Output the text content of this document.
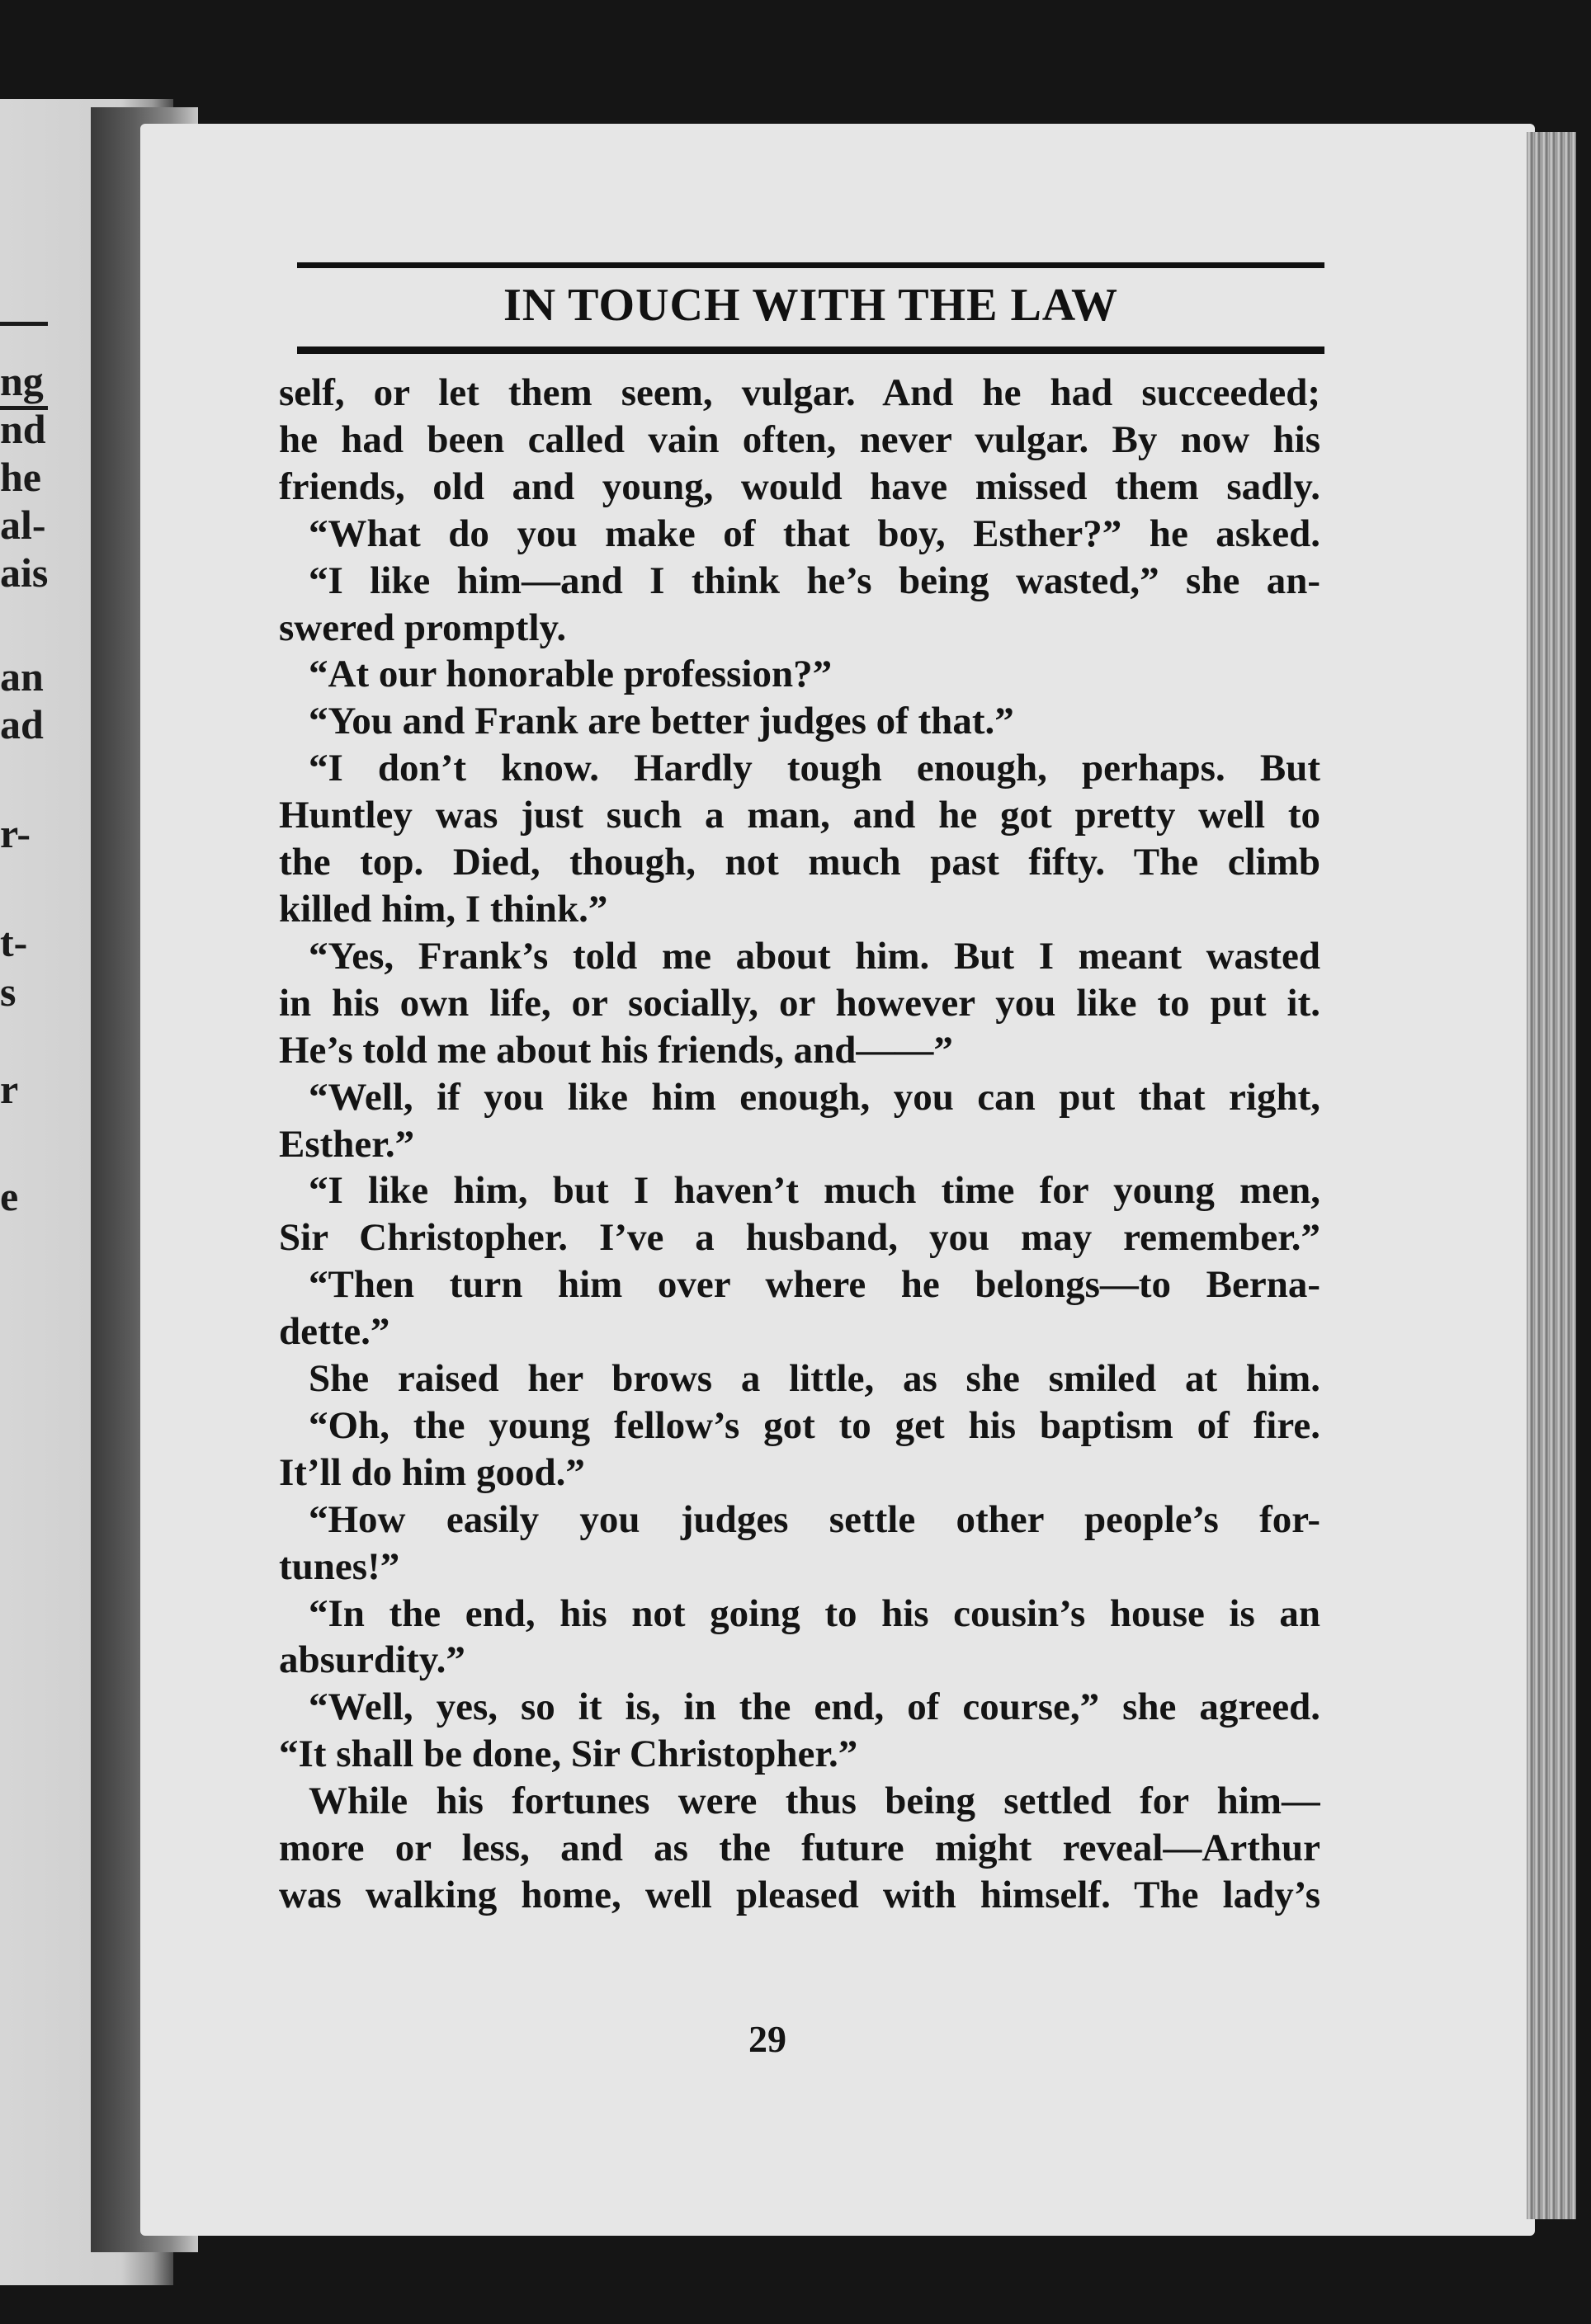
ng
nd
he
al-
ais
an
ad
r-
t-
s
r
e
IN TOUCH WITH THE LAW
self, or let them seem, vulgar. And he had succeeded;
he had been called vain often, never vulgar. By now his
friends, old and young, would have missed them sadly.
“What do you make of that boy, Esther?” he asked.
“I like him—and I think he’s being wasted,” she an-
swered promptly.
“At our honorable profession?”
“You and Frank are better judges of that.”
“I don’t know. Hardly tough enough, perhaps. But
Huntley was just such a man, and he got pretty well to
the top. Died, though, not much past fifty. The climb
killed him, I think.”
“Yes, Frank’s told me about him. But I meant wasted
in his own life, or socially, or however you like to put it.
He’s told me about his friends, and——”
“Well, if you like him enough, you can put that right,
Esther.”
“I like him, but I haven’t much time for young men,
Sir Christopher. I’ve a husband, you may remember.”
“Then turn him over where he belongs—to Berna-
dette.”
She raised her brows a little, as she smiled at him.
“Oh, the young fellow’s got to get his baptism of fire.
It’ll do him good.”
“How easily you judges settle other people’s for-
tunes!”
“In the end, his not going to his cousin’s house is an
absurdity.”
“Well, yes, so it is, in the end, of course,” she agreed.
“It shall be done, Sir Christopher.”
While his fortunes were thus being settled for him—
more or less, and as the future might reveal—Arthur
was walking home, well pleased with himself. The lady’s
29
